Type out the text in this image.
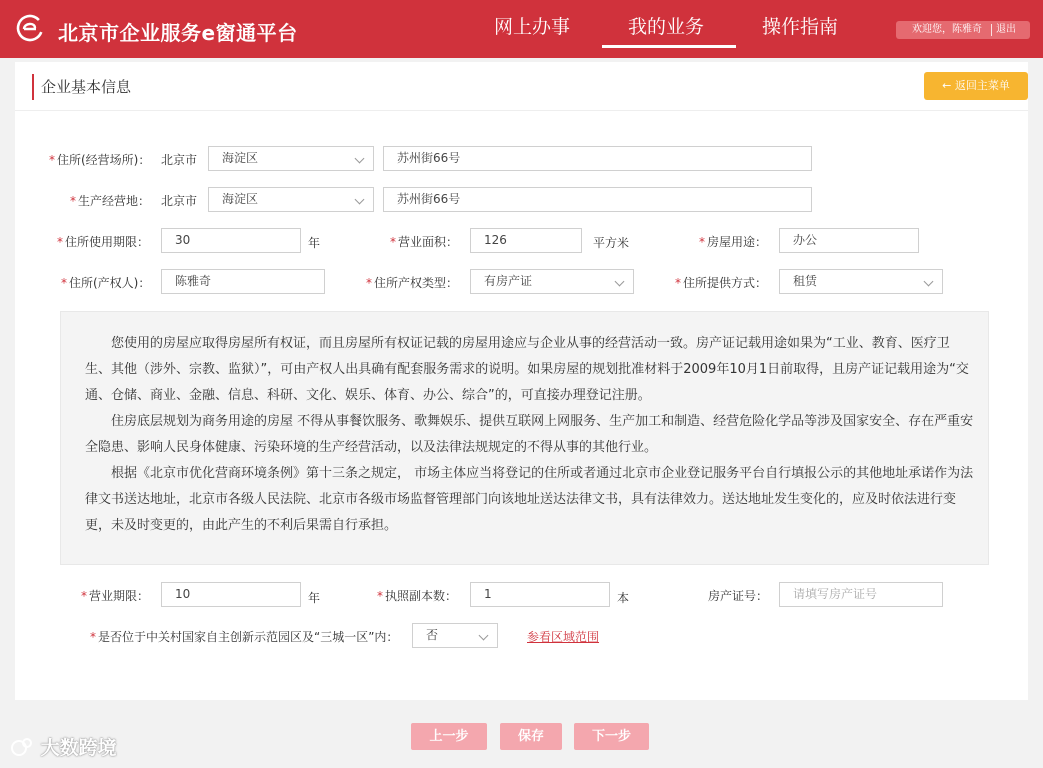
北京市企业服务e窗通平台	网上办事	我的业务	操作指南	欢迎您，陈雅奇 退出
企业基本信息	← 返回主菜单
* 住所(经营场所)： 北京市	海淀区	苏州街66号
* 生产经营地： 北京市	海淀区	苏州街66号
* 住所使用期限：	30	年	* 营业面积：	126	平方米	* 房屋用途：	办公
* 住所(产权人)：	陈雅奇	* 住所产权类型：	有房产证	* 住所提供方式：	租赁

您使用的房屋应取得房屋所有权证，而且房屋所有权证记载的房屋用途应与企业从事的经营活动一致。房产证记载用途如果为“工业、教育、医疗卫生、其他（涉外、宗教、监狱）”，可由产权人出具确有配套服务需求的说明。如果房屋的规划批准材料于2009年10月1日前取得，且房产证记载用途为“交通、仓储、商业、金融、信息、科研、文化、娱乐、体育、办公、综合”的，可直接办理登记注册。

住房底层规划为商务用途的房屋 不得从事餐饮服务、歌舞娱乐、提供互联网上网服务、生产加工和制造、经营危险化学品等涉及国家安全、存在严重安全隐患、影响人民身体健康、污染环境的生产经营活动，以及法律法规规定的不得从事的其他行业。

根据《北京市优化营商环境条例》第十三条之规定， 市场主体应当将登记的住所或者通过北京市企业登记服务平台自行填报公示的其他地址承诺作为法律文书送达地址，北京市各级人民法院、北京市各级市场监督管理部门向该地址送达法律文书，具有法律效力。送达地址发生变化的，应及时依法进行变更，未及时变更的，由此产生的不利后果需自行承担。

* 营业期限：	10	年	* 执照副本数：	1	本	房产证号：	请填写房产证号
* 是否位于中关村国家自主创新示范园区及“三城一区”内：	否	参看区域范围
上一步	保存	下一步
大数跨境
